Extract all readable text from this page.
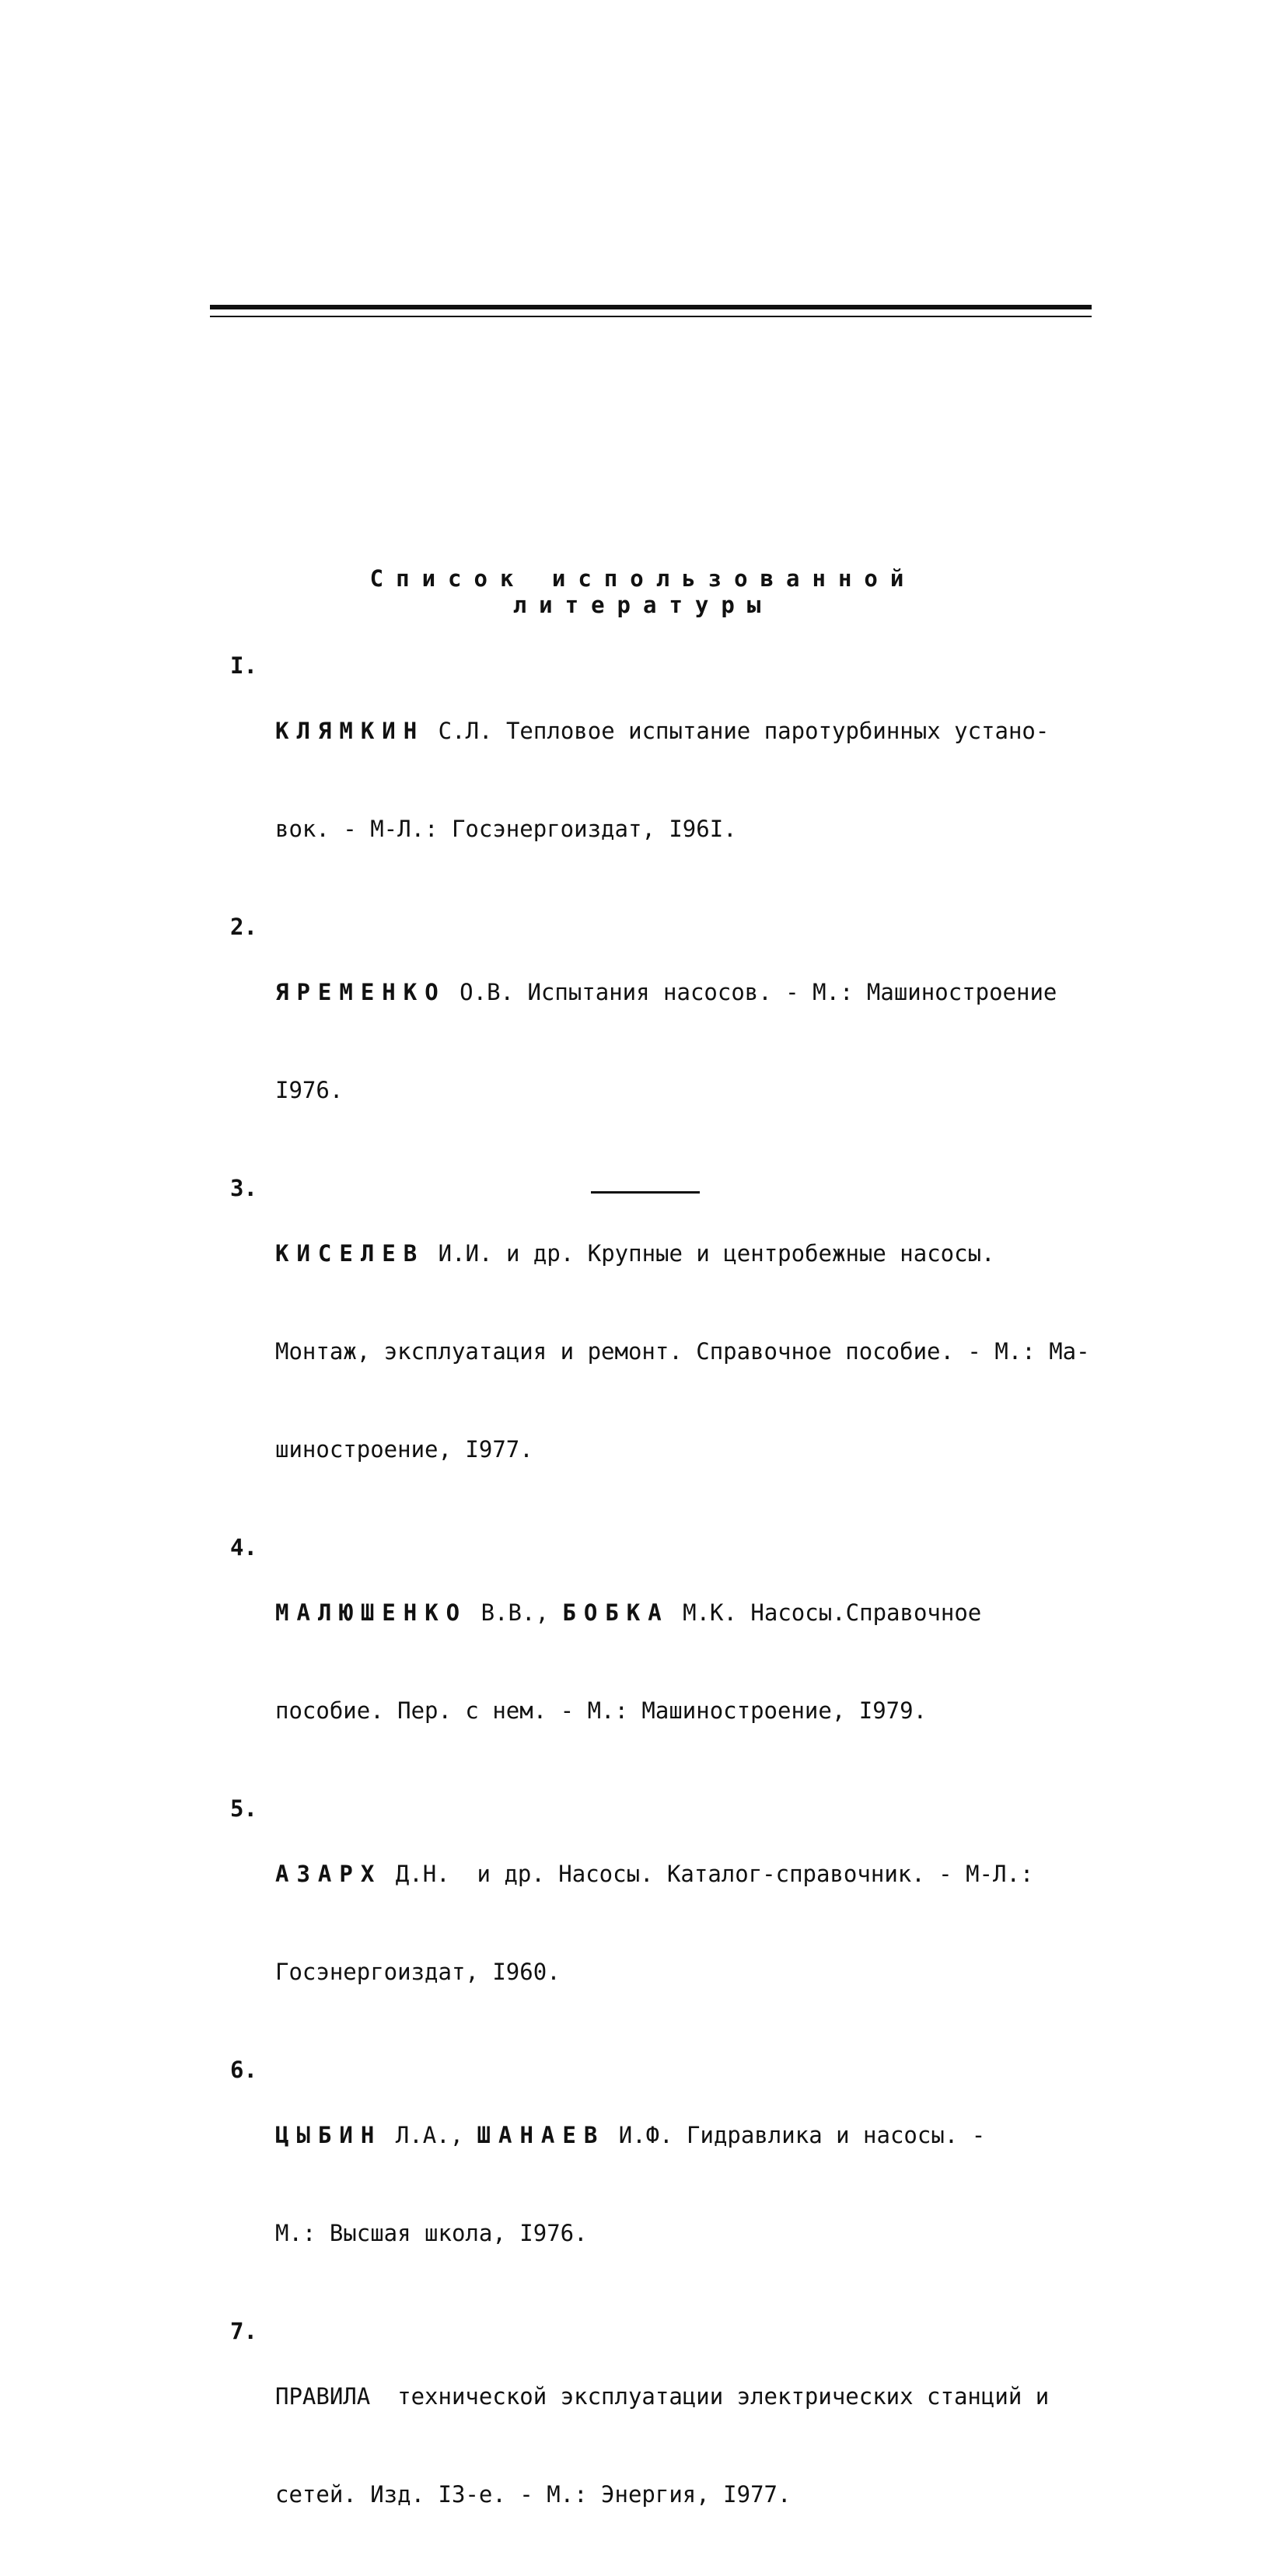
Список использованной
литературы
I.

КЛЯМКИН С.Л. Тепловое испытание паротурбинных устано-

вок. - М-Л.: Госэнергоиздат, I96I.

2.

ЯРЕМЕНКО О.В. Испытания насосов. - М.: Машиностроение

I976.

3.

КИСЕЛЕВ И.И. и др. Крупные и центробежные насосы.

Монтаж, эксплуатация и ремонт. Справочное пособие. - М.: Ма-

шиностроение, I977.

4.

МАЛЮШЕНКО В.В., БОБКА М.К. Насосы.Справочное

пособие. Пер. с нем. - М.: Машиностроение, I979.

5.

АЗАРХ Д.Н.  и др. Насосы. Каталог-справочник. - М-Л.:

Госэнергоиздат, I960.

6.

ЦЫБИН Л.А., ШАНАЕВ И.Ф. Гидравлика и насосы. -

М.: Высшая школа, I976.

7.

ПРАВИЛА  технической эксплуатации электрических станций и

сетей. Изд. I3-е. - М.: Энергия, I977.
